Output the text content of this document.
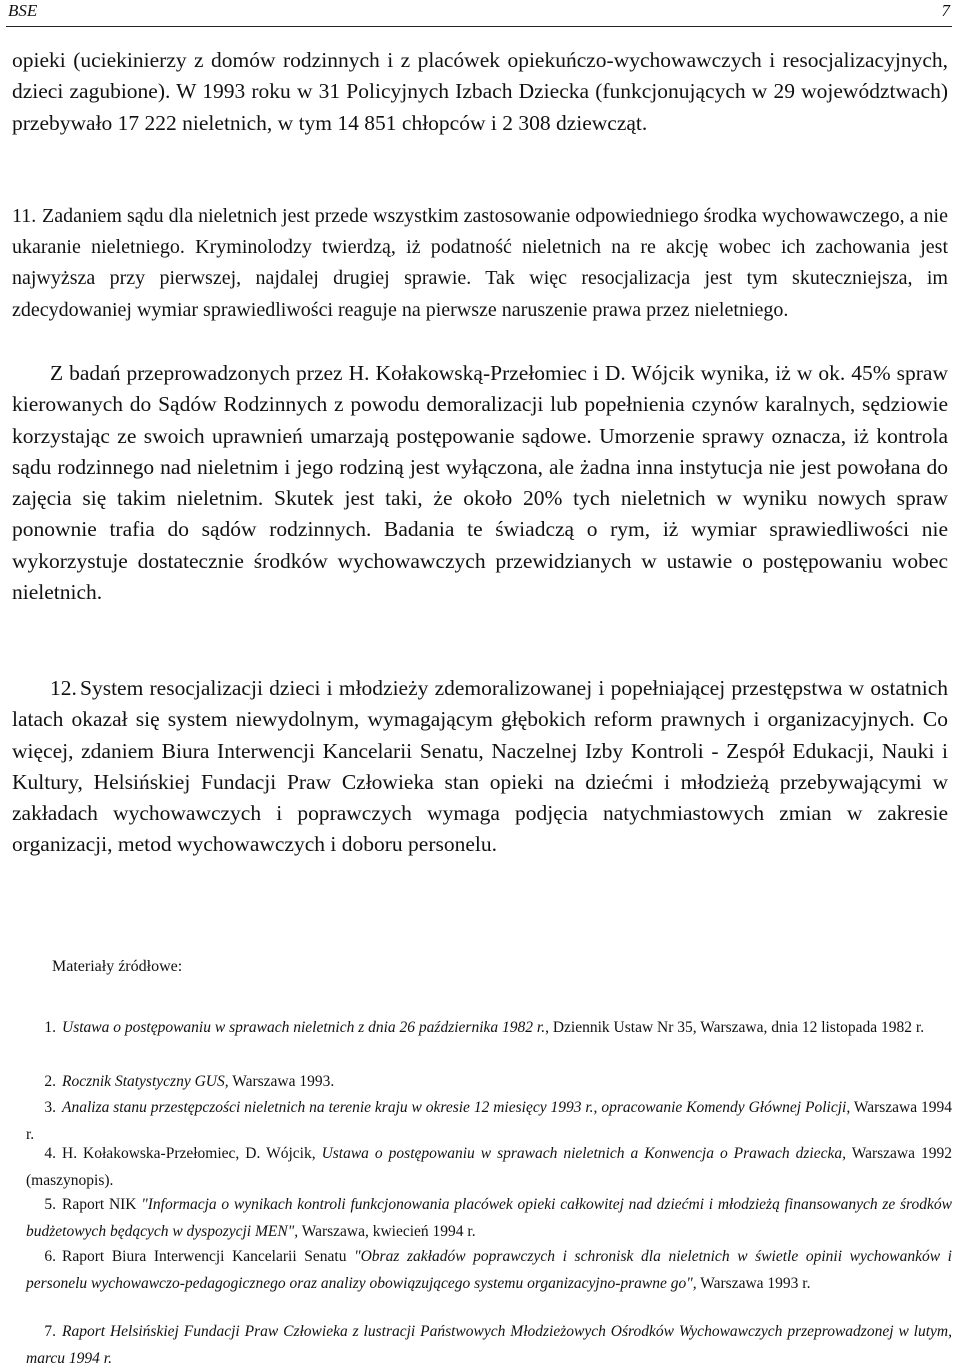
BSE	7
opieki (uciekinierzy z domów rodzinnych i z placówek opiekuńczo-wychowawczych i resocjalizacyjnych, dzieci zagubione). W 1993 roku w 31 Policyjnych Izbach Dziecka (funkcjonujących w 29 województwach) przebywało 17 222 nieletnich, w tym 14 851 chłopców i 2 308 dziewcząt.
11. Zadaniem sądu dla nieletnich jest przede wszystkim zastosowanie odpowiedniego środka wychowawczego, a nie ukaranie nieletniego. Kryminolodzy twierdzą, iż podatność nieletnich na re akcję wobec ich zachowania jest najwyższa przy pierwszej, najdalej drugiej sprawie. Tak więc resocjalizacja jest tym skuteczniejsza, im zdecydowaniej wymiar sprawiedliwości reaguje na pierwsze naruszenie prawa przez nieletniego.
Z badań przeprowadzonych przez H. Kołakowską-Przełomiec i D. Wójcik wynika, iż w ok. 45% spraw kierowanych do Sądów Rodzinnych z powodu demoralizacji lub popełnienia czynów karalnych, sędziowie korzystając ze swoich uprawnień umarzają postępowanie sądowe. Umorzenie sprawy oznacza, iż kontrola sądu rodzinnego nad nieletnim i jego rodziną jest wyłączona, ale żadna inna instytucja nie jest powołana do zajęcia się takim nieletnim. Skutek jest taki, że około 20% tych nieletnich w wyniku nowych spraw ponownie trafia do sądów rodzinnych. Badania te świadczą o rym, iż wymiar sprawiedliwości nie wykorzystuje dostatecznie środków wychowawczych przewidzianych w ustawie o postępowaniu wobec nieletnich.
12. System resocjalizacji dzieci i młodzieży zdemoralizowanej i popełniającej przestępstwa w ostatnich latach okazał się system niewydolnym, wymagającym głębokich reform prawnych i organizacyjnych. Co więcej, zdaniem Biura Interwencji Kancelarii Senatu, Naczelnej Izby Kontroli - Zespół Edukacji, Nauki i Kultury, Helsińskiej Fundacji Praw Człowieka stan opieki na dziećmi i młodzieżą przebywającymi w zakładach wychowawczych i poprawczych wymaga podjęcia natychmiastowych zmian w zakresie organizacji, metod wychowawczych i doboru personelu.
Materiały źródłowe:
1. Ustawa o postępowaniu w sprawach nieletnich z dnia 26 października 1982 r., Dziennik Ustaw Nr 35, Warszawa, dnia 12 listopada 1982 r.
2. Rocznik Statystyczny GUS, Warszawa 1993.
3. Analiza stanu przestępczości nieletnich na terenie kraju w okresie 12 miesięcy 1993 r., opracowanie Komendy Głównej Policji, Warszawa 1994 r.
4. H. Kołakowska-Przełomiec, D. Wójcik, Ustawa o postępowaniu w sprawach nieletnich a Konwencja o Prawach dziecka, Warszawa 1992 (maszynopis).
5. Raport NIK "Informacja o wynikach kontroli funkcjonowania placówek opieki całkowitej nad dziećmi i młodzieżą finansowanych ze środków budżetowych będących w dyspozycji MEN", Warszawa, kwiecień 1994 r.
6. Raport Biura Interwencji Kancelarii Senatu "Obraz zakładów poprawczych i schronisk dla nieletnich w świetle opinii wychowanków i personelu wychowawczo-pedagogicznego oraz analizy obowiązującego systemu organizacyjno-prawne go", Warszawa 1993 r.
7. Raport Helsińskiej Fundacji Praw Człowieka z lustracji Państwowych Młodzieżowych Ośrodków Wychowawczych przeprowadzonej w lutym, marcu 1994 r.
